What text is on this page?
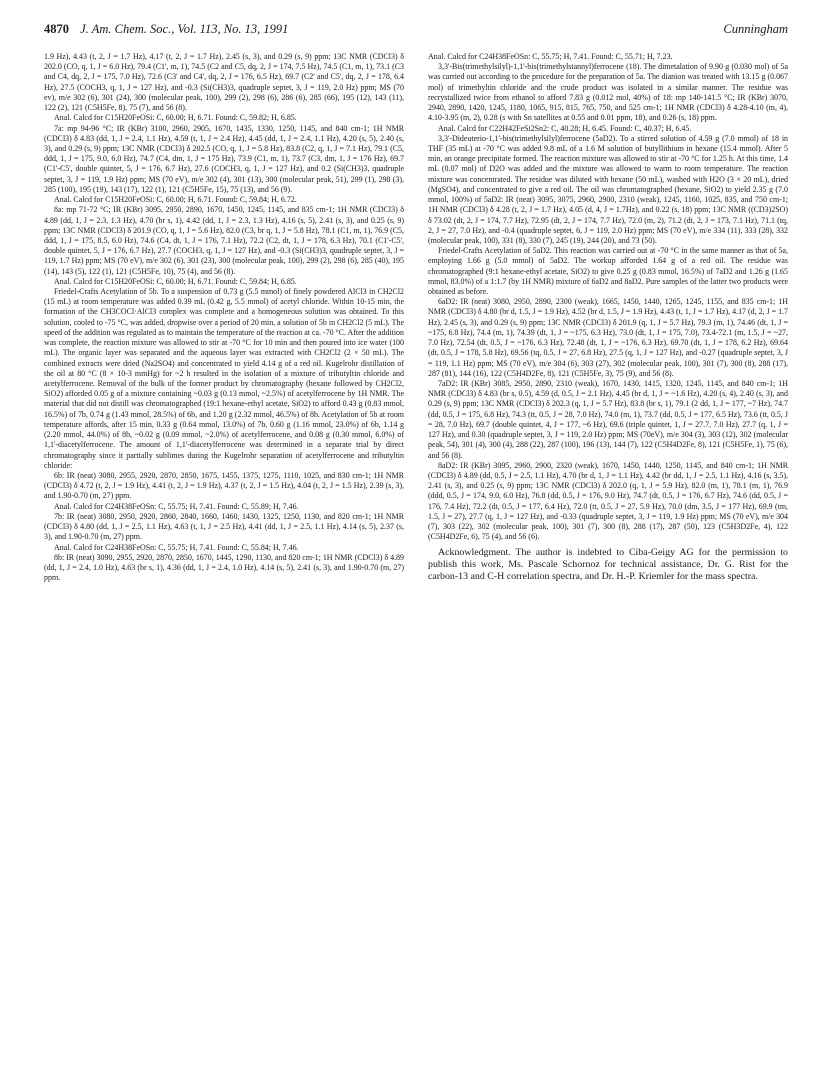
4870 J. Am. Chem. Soc., Vol. 113, No. 13, 1991	Cunningham

1.9 Hz), 4.43 (t, 2, J = 1.7 Hz), 4.17 (t, 2, J = 1.7 Hz), 2.45 (s, 3), and 0.29 (s, 9) ppm; 13C NMR (CDCl3) δ 202.0 (CO, q, 1, J = 6.0 Hz), 79.4 (C1', m, 1), 74.5 (C2 and C5, dq, 2, J = 174, 7.5 Hz), 74.5 (C1, m, 1), 73.1 (C3 and C4, dq, 2, J = 175, 7.0 Hz), 72.6 (C3' and C4', dq, 2, J = 176, 6.5 Hz), 69.7 (C2' and C5', dq, 2, J = 178, 6.4 Hz), 27.5 (COCH3, q, 1, J = 127 Hz), and -0.3 (Si(CH3)3, quadruple septet, 3, J = 119, 2.0 Hz) ppm; MS (70 ev), m/e 302 (6), 301 (24), 300 (molecular peak, 100), 299 (2), 298 (6), 286 (6), 285 (66), 195 (12), 143 (11), 122 (2), 121 (C5H5Fe, 8), 75 (7), and 56 (8).

Anal. Calcd for C15H20FeOSi: C, 60.00; H, 6.71. Found: C, 59.82; H, 6.85.

7a: mp 94-96 °C; IR (KBr) 3100, 2960, 2905, 1670, 1435, 1330, 1250, 1145, and 840 cm-1; 1H NMR (CDCl3) δ 4.83 (dd, 1, J = 2.4, 1.1 Hz), 4.59 (t, 1, J = 2.4 Hz), 4.45 (dd, 1, J = 2.4, 1.1 Hz), 4.20 (s, 5), 2.40 (s, 3), and 0.29 (s, 9) ppm; 13C NMR (CDCl3) δ 202.5 (CO, q, 1, J = 5.8 Hz), 83.8 (C2, q, 1, J = 7.1 Hz), 79.1 (C5, ddd, 1, J = 175, 9.0, 6.0 Hz), 74.7 (C4, dm, 1, J = 175 Hz), 73.9 (C1, m, 1), 73.7 (C3, dm, 1, J = 176 Hz), 69.7 (C1'-C5', double quintet, 5, J = 176, 6.7 Hz), 27.6 (COCH3, q, 1, J = 127 Hz), and 0.2 (Si(CH3)3, quadruple septet, 3, J = 119, 1.9 Hz) ppm; MS (70 eV), m/e 302 (4), 301 (13), 300 (molecular peak, 51), 299 (1), 298 (3), 285 (100), 195 (19), 143 (17), 122 (1), 121 (C5H5Fe, 15), 75 (13), and 56 (9).

Anal. Calcd for C15H20FeOSi: C, 60.00; H, 6.71. Found: C, 59.84; H, 6.72.

8a: mp 71-72 °C; IR (KBr) 3095, 2950, 2890, 1670, 1450, 1245, 1145, and 835 cm-1; 1H NMR (CDCl3) δ 4.89 (dd, 1, J = 2.3, 1.3 Hz), 4.70 (br s, 1), 4.42 (dd, 1, J = 2.3, 1.3 Hz), 4.16 (s, 5), 2.41 (s, 3), and 0.25 (s, 9) ppm; 13C NMR (CDCl3) δ 201.9 (CO, q, 1, J = 5.6 Hz), 82.0 (C3, br q, 1, J = 5.8 Hz), 78.1 (C1, m, 1), 76.9 (C5, ddd, 1, J = 175, 8.5, 6.0 Hz), 74.6 (C4, dt, 1, J = 176, 7.1 Hz), 72.2 (C2, dt, 1, J = 178, 6.3 Hz), 70.1 (C1'-C5', double quintet, 5, J = 176, 6.7 Hz), 27.7 (COCH3, q, 1, J = 127 Hz), and -0.3 (Si(CH3)3, quadruple septet, 3, J = 119, 1.7 Hz) ppm; MS (70 eV), m/e 302 (6), 301 (23), 300 (molecular peak, 100), 299 (2), 298 (6), 285 (40), 195 (14), 143 (5), 122 (1), 121 (C5H5Fe, 10), 75 (4), and 56 (8).

Anal. Calcd for C15H20FeOSi: C, 60.00; H, 6.71. Found: C, 59.84; H, 6.85.

Friedel-Crafts Acetylation of 5b. To a suspension of 0.73 g (5.5 mmol) of finely powdered AlCl3 in CH2Cl2 (15 mL) at room temperature was added 0.39 mL (0.42 g, 5.5 mmol) of acetyl chloride. Within 10-15 min, the formation of the CH3COCl·AlCl3 complex was complete and a homogeneous solution was obtained. To this solution, cooled to -75 °C, was added, dropwise over a period of 20 min, a solution of 5b in CH2Cl2 (5 mL). The speed of the addition was regulated as to maintain the temperature of the reaction at ca. -70 °C. After the addition was complete, the reaction mixture was allowed to stir at -70 °C for 10 min and then poured into ice water (100 mL). The organic layer was separated and the aqueous layer was extracted with CH2Cl2 (2 × 50 mL). The combined extracts were dried (Na2SO4) and concentrated to yield 4.14 g of a red oil. Kugelrohr distillation of the oil at 80 °C (8 × 10-3 mmHg) for ~2 h resulted in the isolation of a mixture of tributyltin chloride and acetylferrocene. Removal of the bulk of the former product by chromatography (hexane followed by CH2Cl2, SiO2) afforded 0.05 g of a mixture containing ~0.03 g (0.13 mmol, ~2.5%) of acetylferrocene by 1H NMR. The material that did not distill was chromatographed (19:1 hexane-ethyl acetate, SiO2) to afford 0.43 g (0.83 mmol, 16.5%) of 7b, 0.74 g (1.43 mmol, 28.5%) of 6b, and 1.20 g (2.32 mmol, 46.5%) of 8b. Acetylation of 5b at room temperature affords, after 15 min, 0.33 g (0.64 mmol, 13.0%) of 7b, 0.60 g (1.16 mmol, 23.0%) of 6b, 1.14 g (2.20 mmol, 44.0%) of 8b, ~0.02 g (0.09 mmol, ~2.0%) of acetylferrocene, and 0.08 g (0.30 mmol, 6.0%) of 1,1'-diacetylferrocene. The amount of 1,1'-diacetylferrocene was determined in a separate trial by direct chromatography since it partially sublimes during the Kugelrohr separation of acetylferrocene and tributyltin chloride:

6b: IR (neat) 3080, 2955, 2920, 2870, 2850, 1675, 1455, 1375, 1275, 1110, 1025, and 830 cm-1; 1H NMR (CDCl3) δ 4.72 (t, 2, J = 1.9 Hz), 4.41 (t, 2, J = 1.9 Hz), 4.37 (t, 2, J = 1.5 Hz), 4.04 (t, 2, J = 1.5 Hz), 2.39 (s, 3), and 1.90-0.70 (m, 27) ppm.

Anal. Calcd for C24H38FeOSn: C, 55.75; H, 7.41. Found: C, 55.89; H, 7.46.

7b: IR (neat) 3080, 2950, 2920, 2860, 2840, 1660, 1460, 1430, 1325, 1250, 1130, and 820 cm-1; 1H NMR (CDCl3) δ 4.80 (dd, 1, J = 2.5, 1.1 Hz), 4.63 (t, 1, J = 2.5 Hz), 4.41 (dd, 1, J = 2.5, 1.1 Hz), 4.14 (s, 5), 2.37 (s, 3), and 1.90-0.70 (m, 27) ppm.

Anal. Calcd for C24H38FeOSn: C, 55.75; H, 7.41. Found: C, 55.84; H, 7.46.

8b: IR (neat) 3090, 2955, 2920, 2870, 2850, 1670, 1445, 1290, 1130, and 820 cm-1; 1H NMR (CDCl3) δ 4.89 (dd, 1, J = 2.4, 1.0 Hz), 4.63 (br s, 1), 4.36 (dd, 1, J = 2.4, 1.0 Hz), 4.14 (s, 5), 2.41 (s, 3), and 1.90-0.70 (m, 27) ppm.

Anal. Calcd for C24H38FeOSn: C, 55.75; H, 7.41. Found: C, 55.71; H, 7.23.

3,3'-Bis(trimethylsilyl)-1,1'-bis(trimethylstannyl)ferrocene (18). The dimetalation of 9.90 g (0.030 mol) of 5a was carried out according to the procedure for the preparation of 5a. The dianion was treated with 13.15 g (0.067 mol) of trimethyltin chloride and the crude product was isolated in a similar manner. The residue was recrystallized twice from ethanol to afford 7.83 g (0.012 mol, 40%) of 18: mp 140-141.5 °C; IR (KBr) 3070, 2940, 2890, 1420, 1245, 1180, 1065, 915, 815, 765, 750, and 525 cm-1; 1H NMR (CDCl3) δ 4.28-4.10 (m, 4), 4.10-3.95 (m, 2), 0.28 (s with Sn satellites at 0.55 and 0.01 ppm, 18), and 0.26 (s, 18) ppm.

Anal. Calcd for C22H42FeSi2Sn2: C, 40.28; H, 6.45. Found: C, 40.37; H, 6.45.

3,3'-Dideuterio-1,1'-bis(trimethylsilyl)ferrocene (5aD2). To a stirred solution of 4.59 g (7.0 mmol) of 18 in THF (35 mL) at -70 °C was added 9.8 mL of a 1.6 M solution of butyllithium in hexane (15.4 mmol). After 5 min, an orange precipitate formed. The reaction mixture was allowed to stir at -70 °C for 1.25 h. At this time, 1.4 mL (0.07 mol) of D2O was added and the mixture was allowed to warm to room temperature. The reaction mixture was concentrated. The residue was diluted with hexane (50 mL), washed with H2O (3 × 20 mL), dried (MgSO4), and concentrated to give a red oil. The oil was chromatographed (hexane, SiO2) to yield 2.35 g (7.0 mmol, 100%) of 5aD2: IR (neat) 3095, 3075, 2960, 2900, 2310 (weak), 1245, 1160, 1025, 835, and 750 cm-1; 1H NMR (CDCl3) δ 4.28 (t, 2, J = 1.7 Hz), 4.05 (d, 4, J = 1.7Hz), and 0.22 (s, 18) ppm; 13C NMR ((CD3)2SO) δ 73.02 (dt, 2, J = 174, 7.7 Hz), 72.95 (dt, 2, J = 174, 7.7 Hz), 72.0 (m, 2), 71.2 (dt, 2, J = 173, 7.1 Hz), 71.1 (tq, 2, J = 27, 7.0 Hz), and -0.4 (quadruple septet, 6, J = 119, 2.0 Hz) ppm; MS (70 eV), m/e 334 (11), 333 (28), 332 (molecular peak, 100), 331 (8), 330 (7), 245 (19), 244 (20), and 73 (50).

Friedel-Crafts Acetylation of 5aD2. This reaction was carried out at -70 °C in the same manner as that of 5a, employing 1.66 g (5.0 mmol) of 5aD2. The workup afforded 1.64 g of a red oil. The residue was chromatographed (9:1 hexane-ethyl acetate, SiO2) to give 0.25 g (0.83 mmol, 16.5%) of 7aD2 and 1.26 g (1.65 mmol, 83.0%) of a 1:1.7 (by 1H NMR) mixture of 6aD2 and 8aD2. Pure samples of the latter two products were obtained as before.

6aD2: IR (neat) 3080, 2950, 2890, 2300 (weak), 1665, 1450, 1440, 1265, 1245, 1155, and 835 cm-1; 1H NMR (CDCl3) δ 4.80 (br d, 1.5, J = 1.9 Hz), 4.52 (br d, 1.5, J = 1.9 Hz), 4.43 (t, 1, J = 1.7 Hz), 4.17 (d, 2, J = 1.7 Hz), 2.45 (s, 3), and 0.29 (s, 9) ppm; 13C NMR (CDCl3) δ 201.9 (q, 1, J = 5.7 Hz), 79.3 (m, 1), 74.46 (dt, 1, J = ~175, 6.8 Hz), 74.4 (m, 1), 74.39 (dt, 1, J = ~175, 6.3 Hz), 73.0 (dt, 1, J = 175, 7.0), 73.4-72.1 (m, 1.5, J = ~27, 7.0 Hz), 72.54 (dt, 0.5, J = ~176, 6.3 Hz), 72.48 (dt, 1, J = ~176, 6.3 Hz), 69.70 (dt, 1, J = 178, 6.2 Hz), 69.64 (dt, 0.5, J = 178, 5.8 Hz), 69.56 (tq, 0.5, J = 27, 6.8 Hz), 27.5 (q, 1, J = 127 Hz), and -0.27 (quadruple septet, 3, J = 119, 1.1 Hz) ppm; MS (70 eV), m/e 304 (6), 303 (27), 302 (molecular peak, 100), 301 (7), 300 (8), 288 (17), 287 (81), 144 (16), 122 (C5H4D2Fe, 8), 121 (C5H5Fe, 3), 75 (9), and 56 (8).

7aD2: IR (KBr) 3085, 2950, 2890, 2310 (weak), 1670, 1430, 1415, 1320, 1245, 1145, and 840 cm-1; 1H NMR (CDCl3) δ 4.83 (br s, 0.5), 4.59 (d, 0.5, J = 2.1 Hz), 4.45 (br d, 1, J = ~1.6 Hz), 4.20 (s, 4), 2.40 (s, 3), and 0.29 (s, 9) ppm; 13C NMR (CDCl3) δ 202.3 (q, 1, J = 5.7 Hz), 83.8 (br s, 1), 79.1 (2 dd, 1, J = 177, ~7 Hz), 74.7 (dd, 0.5, J = 175, 6.8 Hz), 74.3 (tt, 0.5, J = 28, 7.0 Hz), 74.0 (m, 1), 73.7 (dd, 0.5, J = 177, 6.5 Hz), 73.6 (tt, 0.5, J = 28, 7.0 Hz), 69.7 (double quintet, 4, J = 177, ~6 Hz), 69.6 (triple quintet, 1, J = 27.7, 7.0 Hz), 27.7 (q, 1, J = 127 Hz), and 0.30 (quadruple septet, 3, J = 119, 2.0 Hz) ppm; MS (70eV), m/e 304 (3), 303 (12), 302 (molecular peak, 54), 301 (4), 300 (4), 288 (22), 287 (100), 196 (13), 144 (7), 122 (C5H4D2Fe, 8), 121 (C5H5Fe, 1), 75 (6), and 56 (8).

8aD2: IR (KBr) 3095, 2960, 2900, 2320 (weak), 1670, 1450, 1440, 1250, 1145, and 840 cm-1; 1H NMR (CDCl3) δ 4.89 (dd, 0.5, J = 2.5, 1.1 Hz), 4.70 (br d, 1, J = 1.1 Hz), 4.42 (br dd, 1, J = 2.5, 1.1 Hz), 4.16 (s, 3.5), 2.41 (s, 3), and 0.25 (s, 9) ppm; 13C NMR (CDCl3) δ 202.0 (q, 1, J = 5.9 Hz), 82.0 (m, 1), 78.1 (m, 1), 76.9 (ddd, 0.5, J = 174, 9.0, 6.0 Hz), 76.8 (dd, 0.5, J = 176, 9.0 Hz), 74.7 (dt, 0.5, J = 176, 6.7 Hz), 74.6 (dd, 0.5, J = 176, 7.4 Hz), 72.2 (dt, 0.5, J = 177, 6.4 Hz), 72.0 (tt, 0.5, J = 27, 5.9 Hz), 70.0 (dm, 3.5, J = 177 Hz), 69.9 (tm, 1.5, J = 27), 27.7 (q, 1, J = 127 Hz), and -0.33 (quadruple septet, 3, J = 119, 1.9 Hz) ppm; MS (70 eV), m/e 304 (7), 303 (22), 302 (molecular peak, 100), 301 (7), 300 (8), 288 (17), 287 (50), 123 (C5H3D2Fe, 4), 122 (C5H4D2Fe, 6), 75 (4), and 56 (6).

Acknowledgment. The author is indebted to Ciba-Geigy AG for the permission to publish this work, Ms. Pascale Schornoz for technical assistance, Dr. G. Rist for the carbon-13 and C-H correlation spectra, and Dr. H.-P. Kriemler for the mass spectra.
